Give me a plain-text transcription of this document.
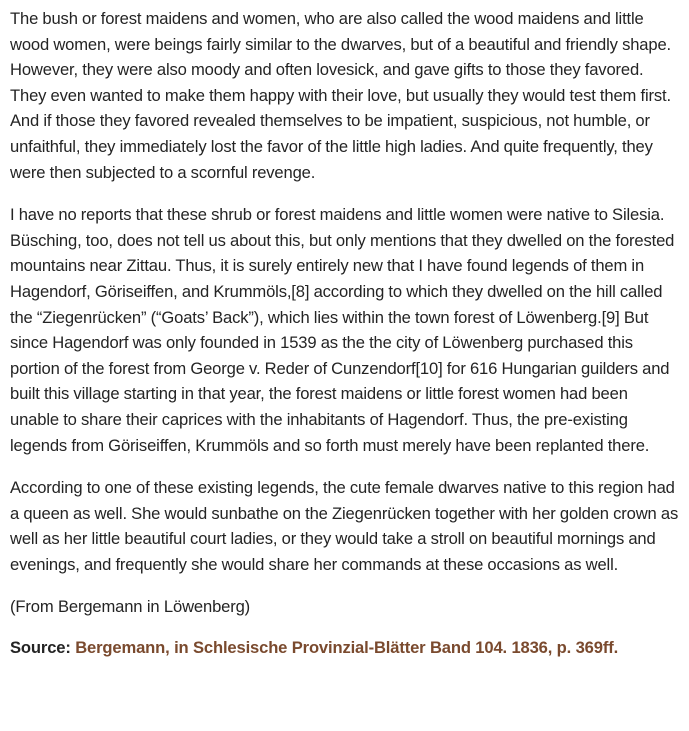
The bush or forest maidens and women, who are also called the wood maidens and little wood women, were beings fairly similar to the dwarves, but of a beautiful and friendly shape. However, they were also moody and often lovesick, and gave gifts to those they favored. They even wanted to make them happy with their love, but usually they would test them first. And if those they favored revealed themselves to be impatient, suspicious, not humble, or unfaithful, they immediately lost the favor of the little high ladies. And quite frequently, they were then subjected to a scornful revenge.

I have no reports that these shrub or forest maidens and little women were native to Silesia. Büsching, too, does not tell us about this, but only mentions that they dwelled on the forested mountains near Zittau. Thus, it is surely entirely new that I have found legends of them in Hagendorf, Göriseiffen, and Krummöls,[8] according to which they dwelled on the hill called the “Ziegenrücken” (“Goats’ Back”), which lies within the town forest of Löwenberg.[9] But since Hagendorf was only founded in 1539 as the the city of Löwenberg purchased this portion of the forest from George v. Reder of Cunzendorf[10] for 616 Hungarian guilders and built this village starting in that year, the forest maidens or little forest women had been unable to share their caprices with the inhabitants of Hagendorf. Thus, the pre-existing legends from Göriseiffen, Krummöls and so forth must merely have been replanted there.

According to one of these existing legends, the cute female dwarves native to this region had a queen as well. She would sunbathe on the Ziegenrücken together with her golden crown as well as her little beautiful court ladies, or they would take a stroll on beautiful mornings and evenings, and frequently she would share her commands at these occasions as well.

(From Bergemann in Löwenberg)

Source: Bergemann, in Schlesische Provinzial-Blätter Band 104. 1836, p. 369ff.
